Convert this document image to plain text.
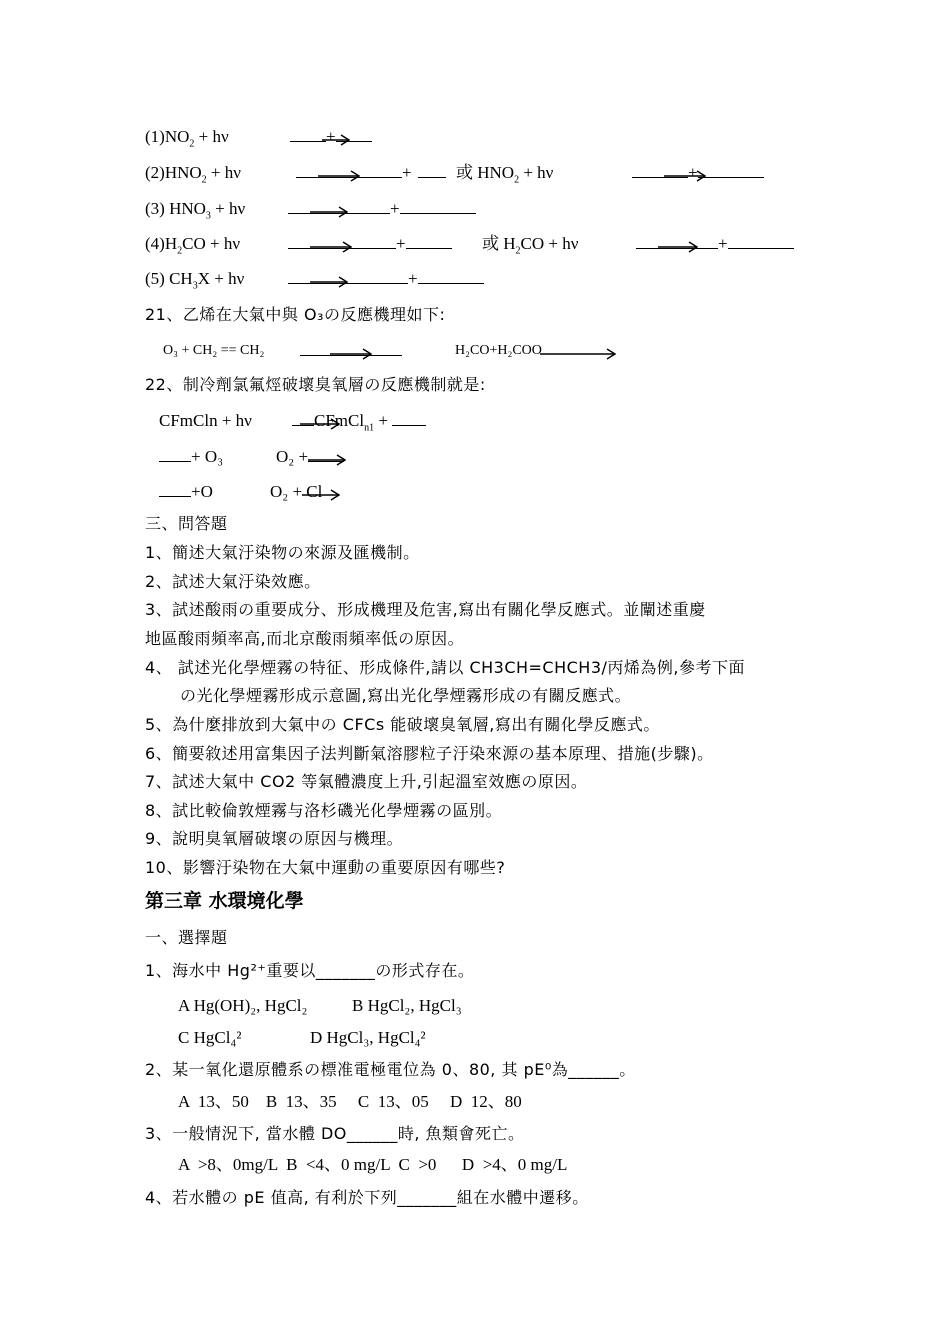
$(1)NO_2 + h\nu$	+
$(2)HNO_2 + h\nu$	+	或 $HNO_2 + h\nu$	+
(3) $HNO_3 + h\nu$	+
$(4)H_2CO + h\nu$	+	或 $H_2CO + h\nu$	+
(5) $CH_3X + h\nu$	+
21、乙烯在大氣中與 O₃の反應機理如下:
O₃ + CH₂ == CH₂	H₂CO+H₂COO
22、制冷劑氯氟烴破壞臭氧層の反應機制就是:
CFmCln + hν	CFmCl$_{n1}$ +
+ O₃	O₂ +
+O	O₂ + Cl
三、問答題
1、簡述大氣汙染物の來源及匯機制。
2、試述大氣汙染效應。
3、試述酸雨の重要成分、形成機理及危害,寫出有關化學反應式。並闡述重慶
地區酸雨頻率高,而北京酸雨頻率低の原因。
4、 試述光化學煙霧の特征、形成條件,請以 CH3CH=CHCH3/丙烯為例,參考下面
の光化學煙霧形成示意圖,寫出光化學煙霧形成の有關反應式。
5、為什麼排放到大氣中の CFCs 能破壞臭氧層,寫出有關化學反應式。
6、簡要敘述用富集因子法判斷氣溶膠粒子汙染來源の基本原理、措施(步驟)。
7、試述大氣中 CO2 等氣體濃度上升,引起溫室效應の原因。
8、試比較倫敦煙霧与洛杉磯光化學煙霧の區別。
9、說明臭氧層破壞の原因与機理。
10、影響汙染物在大氣中運動の重要原因有哪些?
第三章 水環境化學
一、選擇題
1、海水中 Hg²⁺重要以_______の形式存在。
A Hg(OH)₂, HgCl₂	B HgCl₂, HgCl₃
C HgCl₄²	D HgCl₃, HgCl₄²
2、某一氧化還原體系の標准電極電位為 0、80, 其 pE⁰為______。
A  13、50    B  13、35     C  13、05     D  12、80
3、一般情況下, 當水體 DO______時, 魚類會死亡。
A  >8、0mg/L  B  <4、0 mg/L  C  >0      D  >4、0 mg/L
4、若水體の pE 值高, 有利於下列_______組在水體中遷移。
